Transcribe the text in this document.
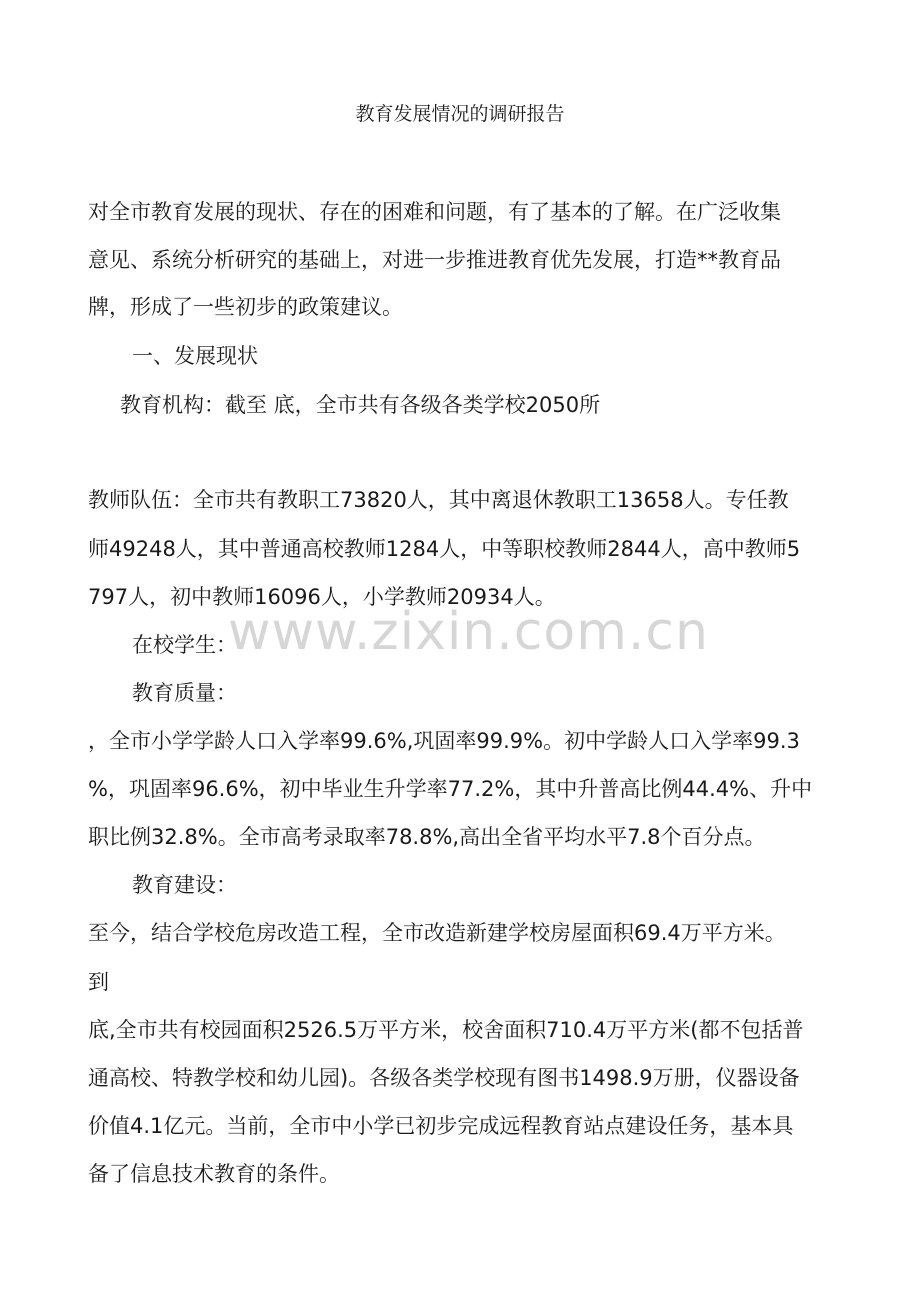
教育发展情况的调研报告
对全市教育发展的现状、存在的困难和问题，有了基本的了解。在广泛收集
意见、系统分析研究的基础上，对进一步推进教育优先发展，打造**教育品
牌，形成了一些初步的政策建议。
一、发展现状
教育机构：截至 底，全市共有各级各类学校2050所
教师队伍：全市共有教职工73820人，其中离退休教职工13658人。专任教
师49248人，其中普通高校教师1284人，中等职校教师2844人，高中教师5
797人，初中教师16096人，小学教师20934人。
在校学生：
教育质量：
，全市小学学龄人口入学率99.6%,巩固率99.9%。初中学龄人口入学率99.3
%，巩固率96.6%，初中毕业生升学率77.2%，其中升普高比例44.4%、升中
职比例32.8%。全市高考录取率78.8%,高出全省平均水平7.8个百分点。
教育建设：
至今，结合学校危房改造工程，全市改造新建学校房屋面积69.4万平方米。
到
底,全市共有校园面积2526.5万平方米，校舍面积710.4万平方米(都不包括普
通高校、特教学校和幼儿园)。各级各类学校现有图书1498.9万册，仪器设备
价值4.1亿元。当前，全市中小学已初步完成远程教育站点建设任务，基本具
备了信息技术教育的条件。
www.zixin.com.cn
